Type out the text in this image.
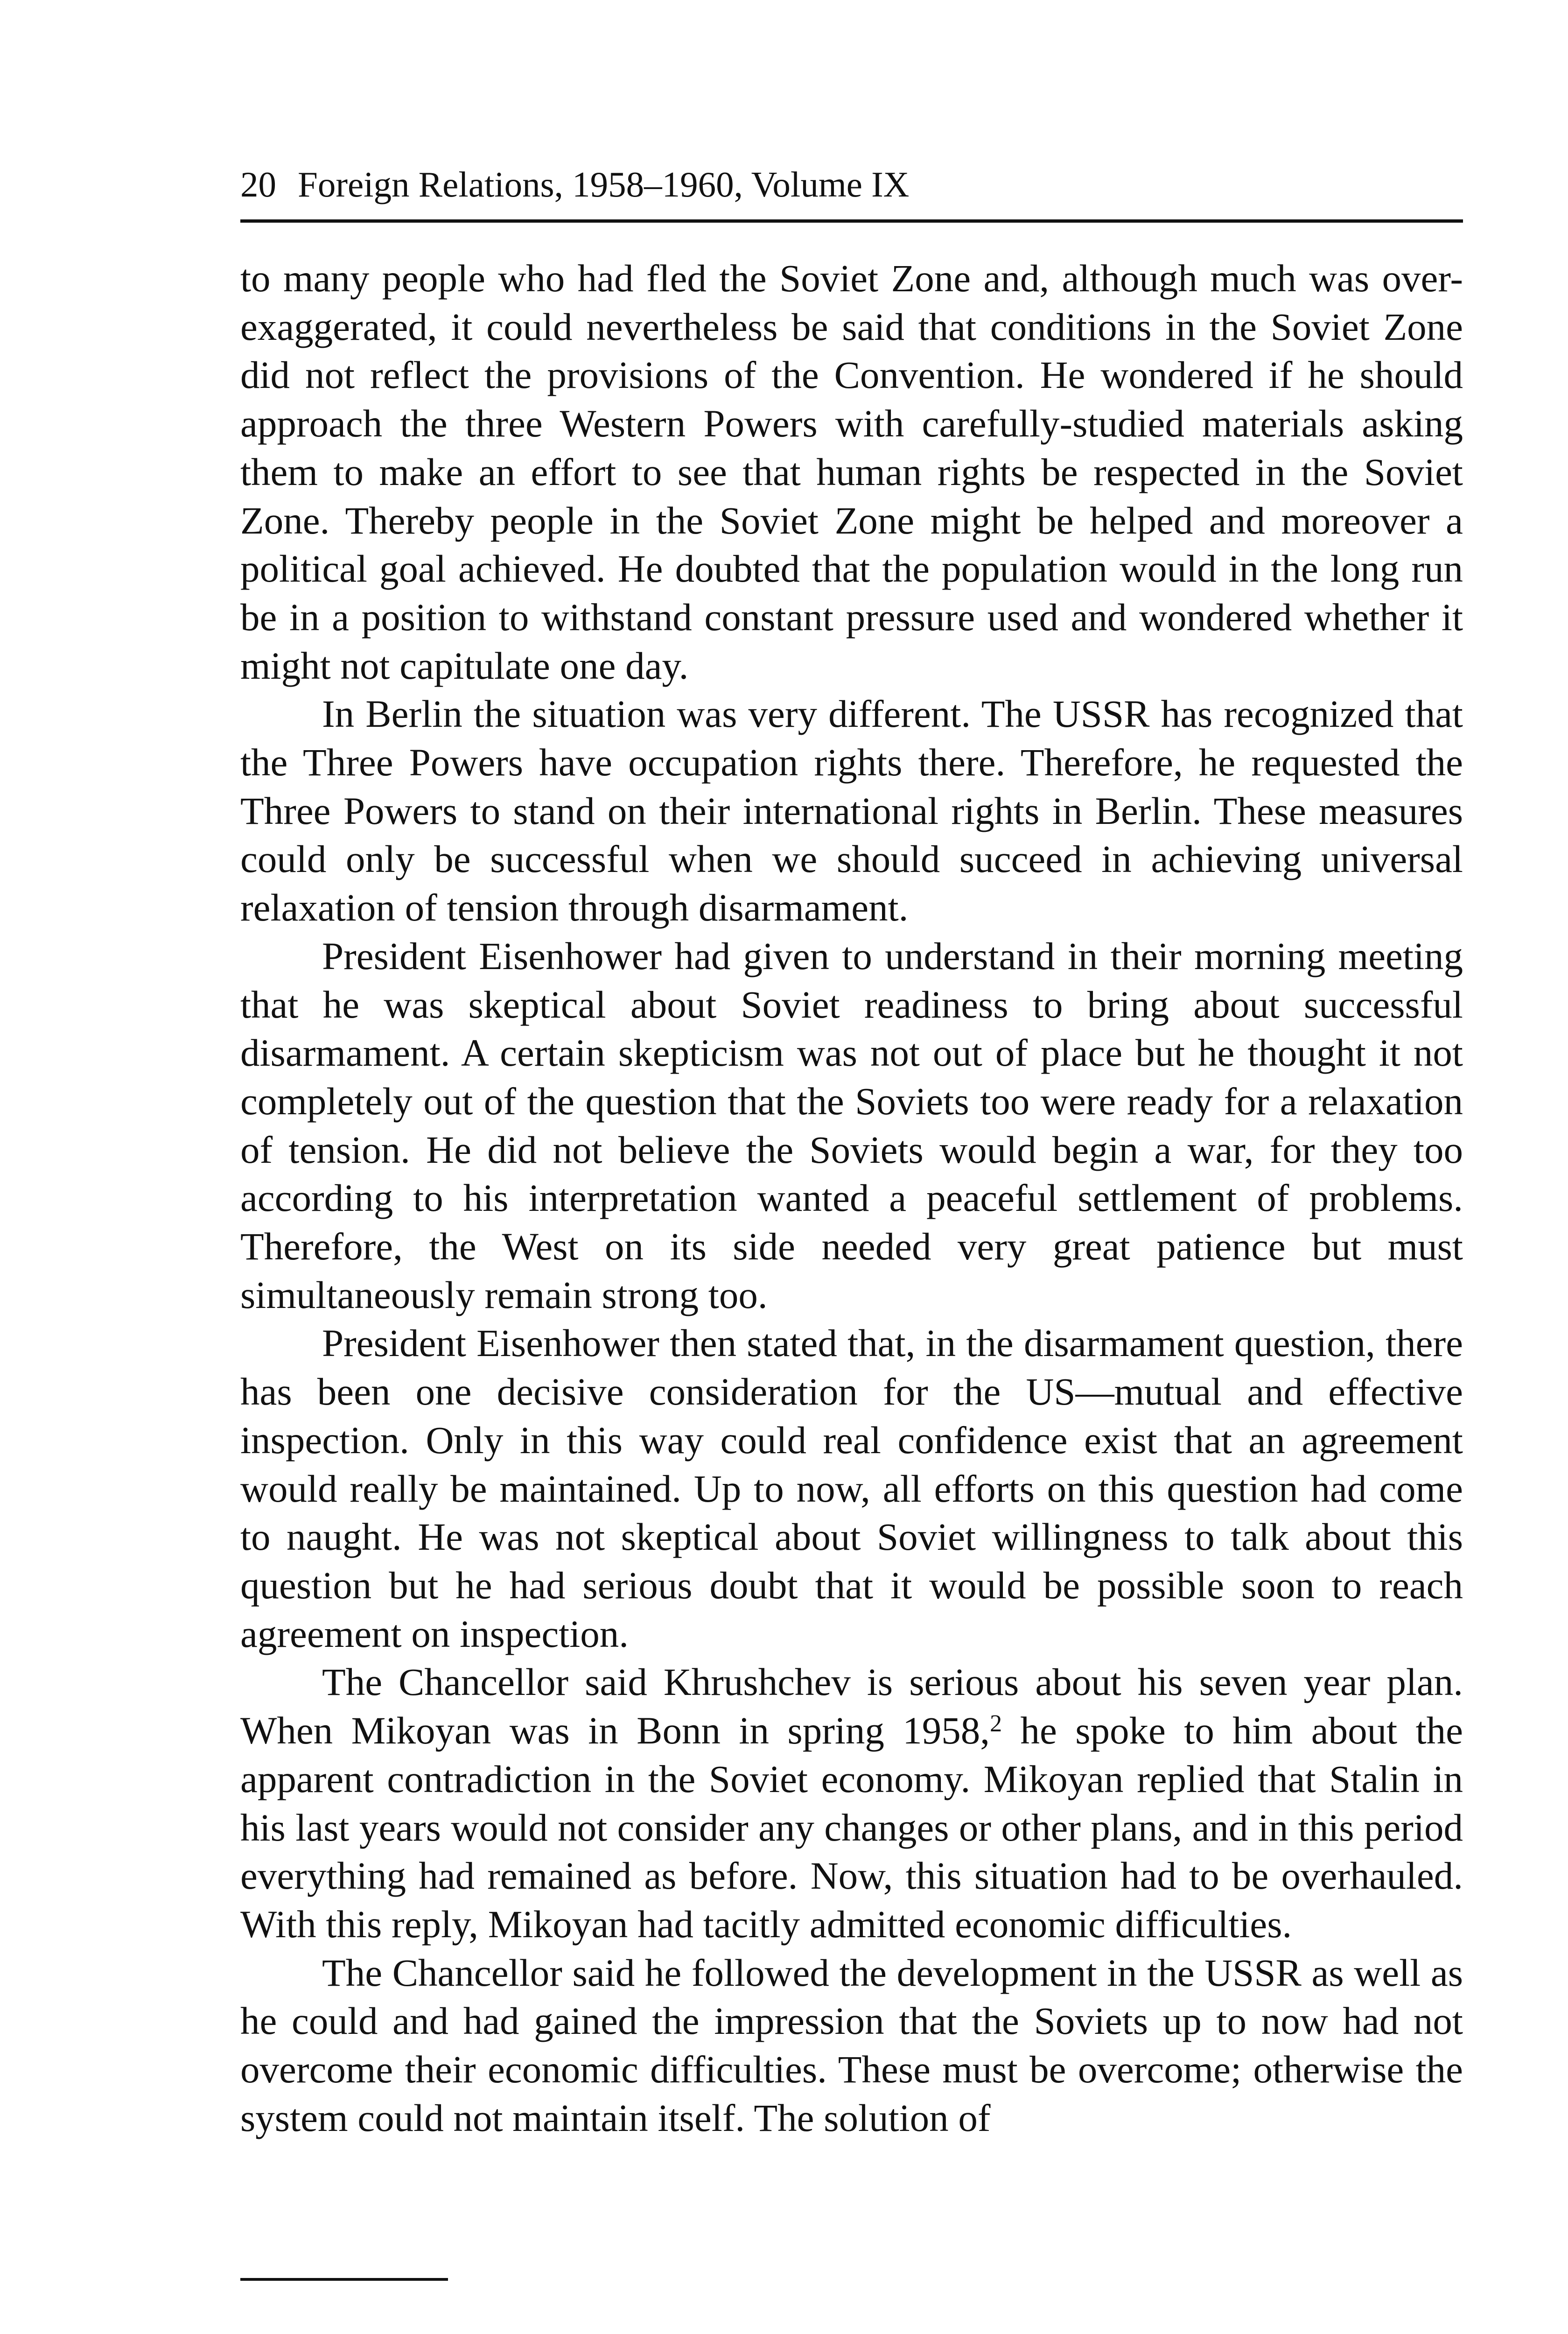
20 Foreign Relations, 1958–1960, Volume IX

to many people who had fled the Soviet Zone and, although much was over-exaggerated, it could nevertheless be said that conditions in the Soviet Zone did not reflect the provisions of the Convention. He wondered if he should approach the three Western Powers with carefully-studied materials asking them to make an effort to see that human rights be respected in the Soviet Zone. Thereby people in the Soviet Zone might be helped and moreover a political goal achieved. He doubted that the population would in the long run be in a position to withstand constant pressure used and wondered whether it might not capitulate one day.

In Berlin the situation was very different. The USSR has recognized that the Three Powers have occupation rights there. Therefore, he requested the Three Powers to stand on their international rights in Berlin. These measures could only be successful when we should succeed in achieving universal relaxation of tension through disarmament.

President Eisenhower had given to understand in their morning meeting that he was skeptical about Soviet readiness to bring about successful disarmament. A certain skepticism was not out of place but he thought it not completely out of the question that the Soviets too were ready for a relaxation of tension. He did not believe the Soviets would begin a war, for they too according to his interpretation wanted a peaceful settlement of problems. Therefore, the West on its side needed very great patience but must simultaneously remain strong too.

President Eisenhower then stated that, in the disarmament question, there has been one decisive consideration for the US—mutual and effective inspection. Only in this way could real confidence exist that an agreement would really be maintained. Up to now, all efforts on this question had come to naught. He was not skeptical about Soviet willingness to talk about this question but he had serious doubt that it would be possible soon to reach agreement on inspection.

The Chancellor said Khrushchev is serious about his seven year plan. When Mikoyan was in Bonn in spring 1958,$^2$ he spoke to him about the apparent contradiction in the Soviet economy. Mikoyan replied that Stalin in his last years would not consider any changes or other plans, and in this period everything had remained as before. Now, this situation had to be overhauled. With this reply, Mikoyan had tacitly admitted economic difficulties.

The Chancellor said he followed the development in the USSR as well as he could and had gained the impression that the Soviets up to now had not overcome their economic difficulties. These must be overcome; otherwise the system could not maintain itself. The solution of
